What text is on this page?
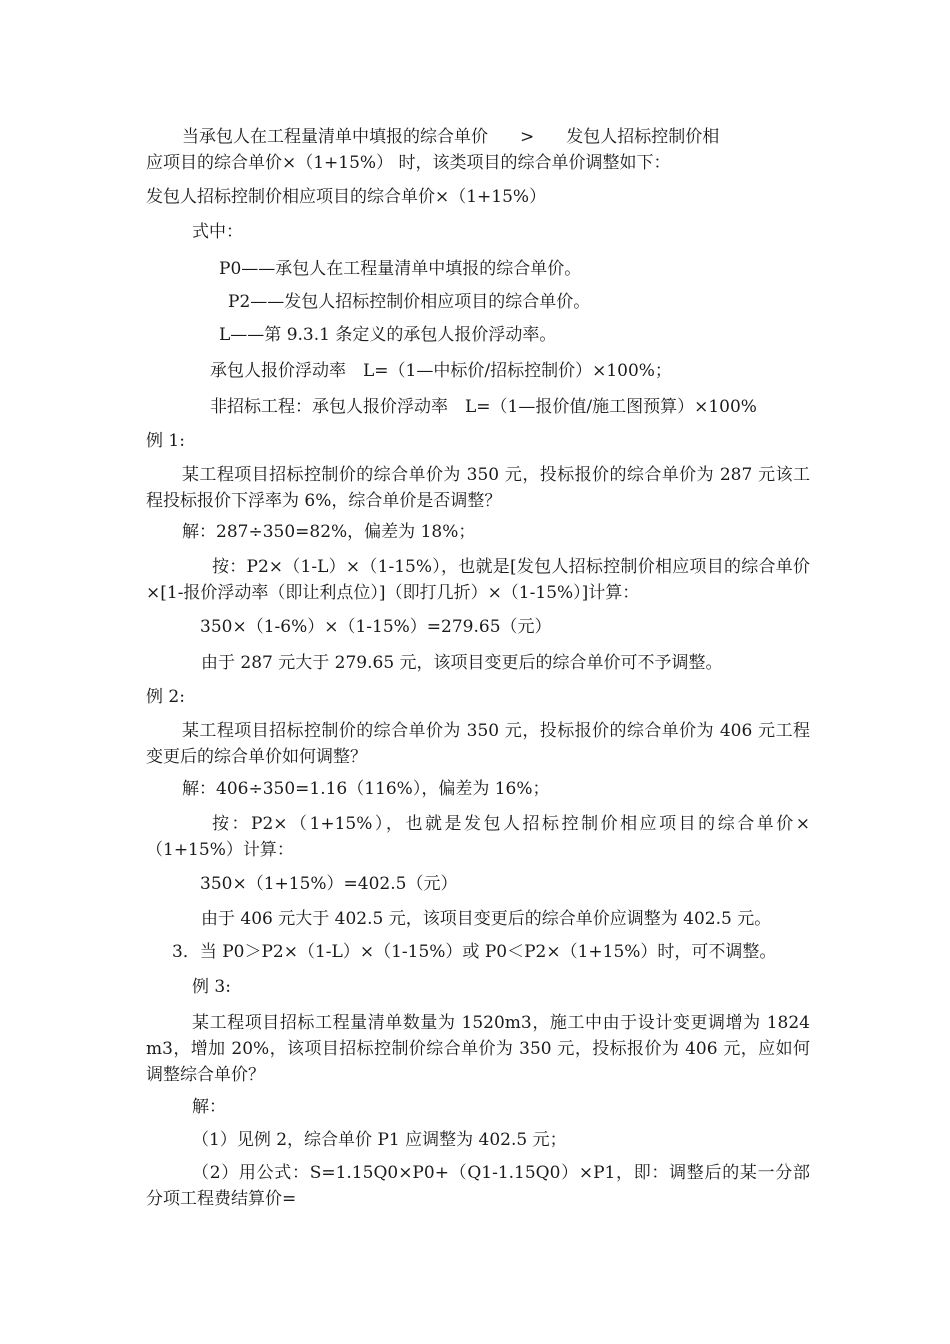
当承包人在工程量清单中填报的综合单价 > 发包人招标控制价相

应项目的综合单价×（1+15%） 时，该类项目的综合单价调整如下：

发包人招标控制价相应项目的综合单价×（1+15%）

式中：

P0——承包人在工程量清单中填报的综合单价。

P2——发包人招标控制价相应项目的综合单价。

L——第 9.3.1 条定义的承包人报价浮动率。

承包人报价浮动率　L=（1—中标价/招标控制价）×100%；

非招标工程：承包人报价浮动率　L=（1—报价值/施工图预算）×100%

例 1:

某工程项目招标控制价的综合单价为 350 元，投标报价的综合单价为 287 元该工程投标报价下浮率为 6%，综合单价是否调整？

解：287÷350=82%，偏差为 18%；

按：P2×（1-L）×（1-15%），也就是[发包人招标控制价相应项目的综合单价×[1-报价浮动率（即让利点位）]（即打几折）×（1-15%）]计算：

350×（1-6%）×（1-15%）=279.65（元）

由于 287 元大于 279.65 元，该项目变更后的综合单价可不予调整。

例 2:

某工程项目招标控制价的综合单价为 350 元，投标报价的综合单价为 406 元工程变更后的综合单价如何调整？

解：406÷350=1.16（116%），偏差为 16%；

按：P2×（1+15%），也就是发包人招标控制价相应项目的综合单价×（1+15%）计算：

350×（1+15%）=402.5（元）

由于 406 元大于 402.5 元，该项目变更后的综合单价应调整为 402.5 元。

3．当 P0＞P2×（1-L）×（1-15%）或 P0＜P2×（1+15%）时，可不调整。

例 3:

某工程项目招标工程量清单数量为 1520m3，施工中由于设计变更调增为 1824 m3，增加 20%，该项目招标控制价综合单价为 350 元，投标报价为 406 元，应如何调整综合单价？

解：

（1）见例 2，综合单价 P1 应调整为 402.5 元；

（2）用公式：S=1.15Q0×P0+（Q1-1.15Q0）×P1，即：调整后的某一分部分项工程费结算价=
